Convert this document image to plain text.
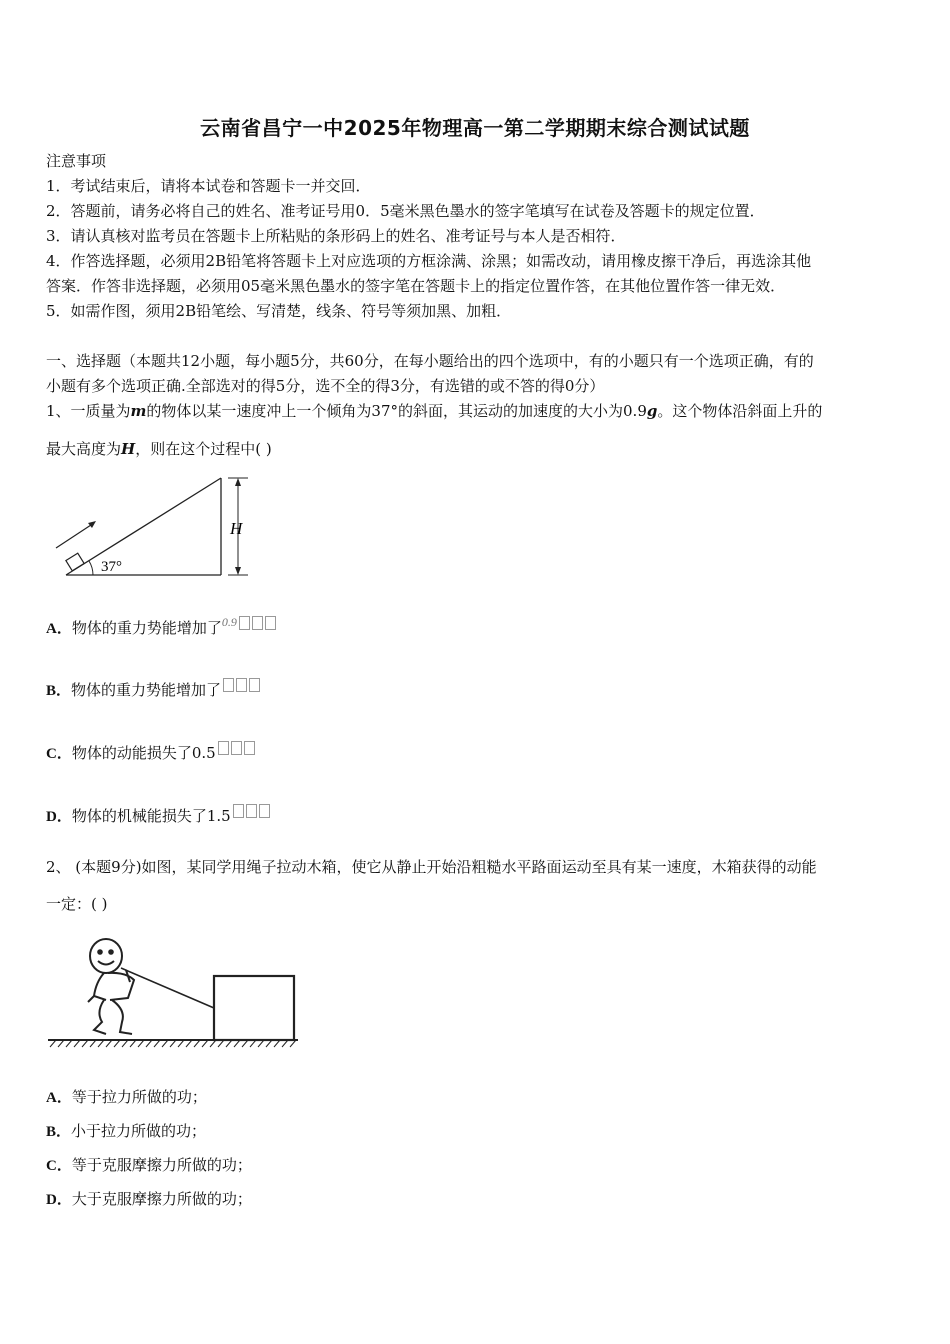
云南省昌宁一中2025年物理高一第二学期期末综合测试试题
注意事项
1．考试结束后，请将本试卷和答题卡一并交回．
2．答题前，请务必将自己的姓名、准考证号用0．5毫米黑色墨水的签字笔填写在试卷及答题卡的规定位置．
3．请认真核对监考员在答题卡上所粘贴的条形码上的姓名、准考证号与本人是否相符．
4．作答选择题，必须用2B铅笔将答题卡上对应选项的方框涂满、涂黑；如需改动，请用橡皮擦干净后，再选涂其他
答案．作答非选择题，必须用05毫米黑色墨水的签字笔在答题卡上的指定位置作答，在其他位置作答一律无效．
5．如需作图，须用2B铅笔绘、写清楚，线条、符号等须加黑、加粗．
一、选择题（本题共12小题，每小题5分，共60分，在每小题给出的四个选项中，有的小题只有一个选项正确，有的
小题有多个选项正确.全部选对的得5分，选不全的得3分，有选错的或不答的得0分）
1、一质量为m的物体以某一速度冲上一个倾角为37°的斜面，其运动的加速度的大小为0.9g。这个物体沿斜面上升的
最大高度为H，则在这个过程中( )
37°
H
A．物体的重力势能增加了0.9
B．物体的重力势能增加了
C．物体的动能损失了0.5
D．物体的机械能损失了1.5
2、 (本题9分)如图，某同学用绳子拉动木箱，使它从静止开始沿粗糙水平路面运动至具有某一速度，木箱获得的动能
一定：( )
A．等于拉力所做的功；
B．小于拉力所做的功；
C．等于克服摩擦力所做的功；
D．大于克服摩擦力所做的功；
